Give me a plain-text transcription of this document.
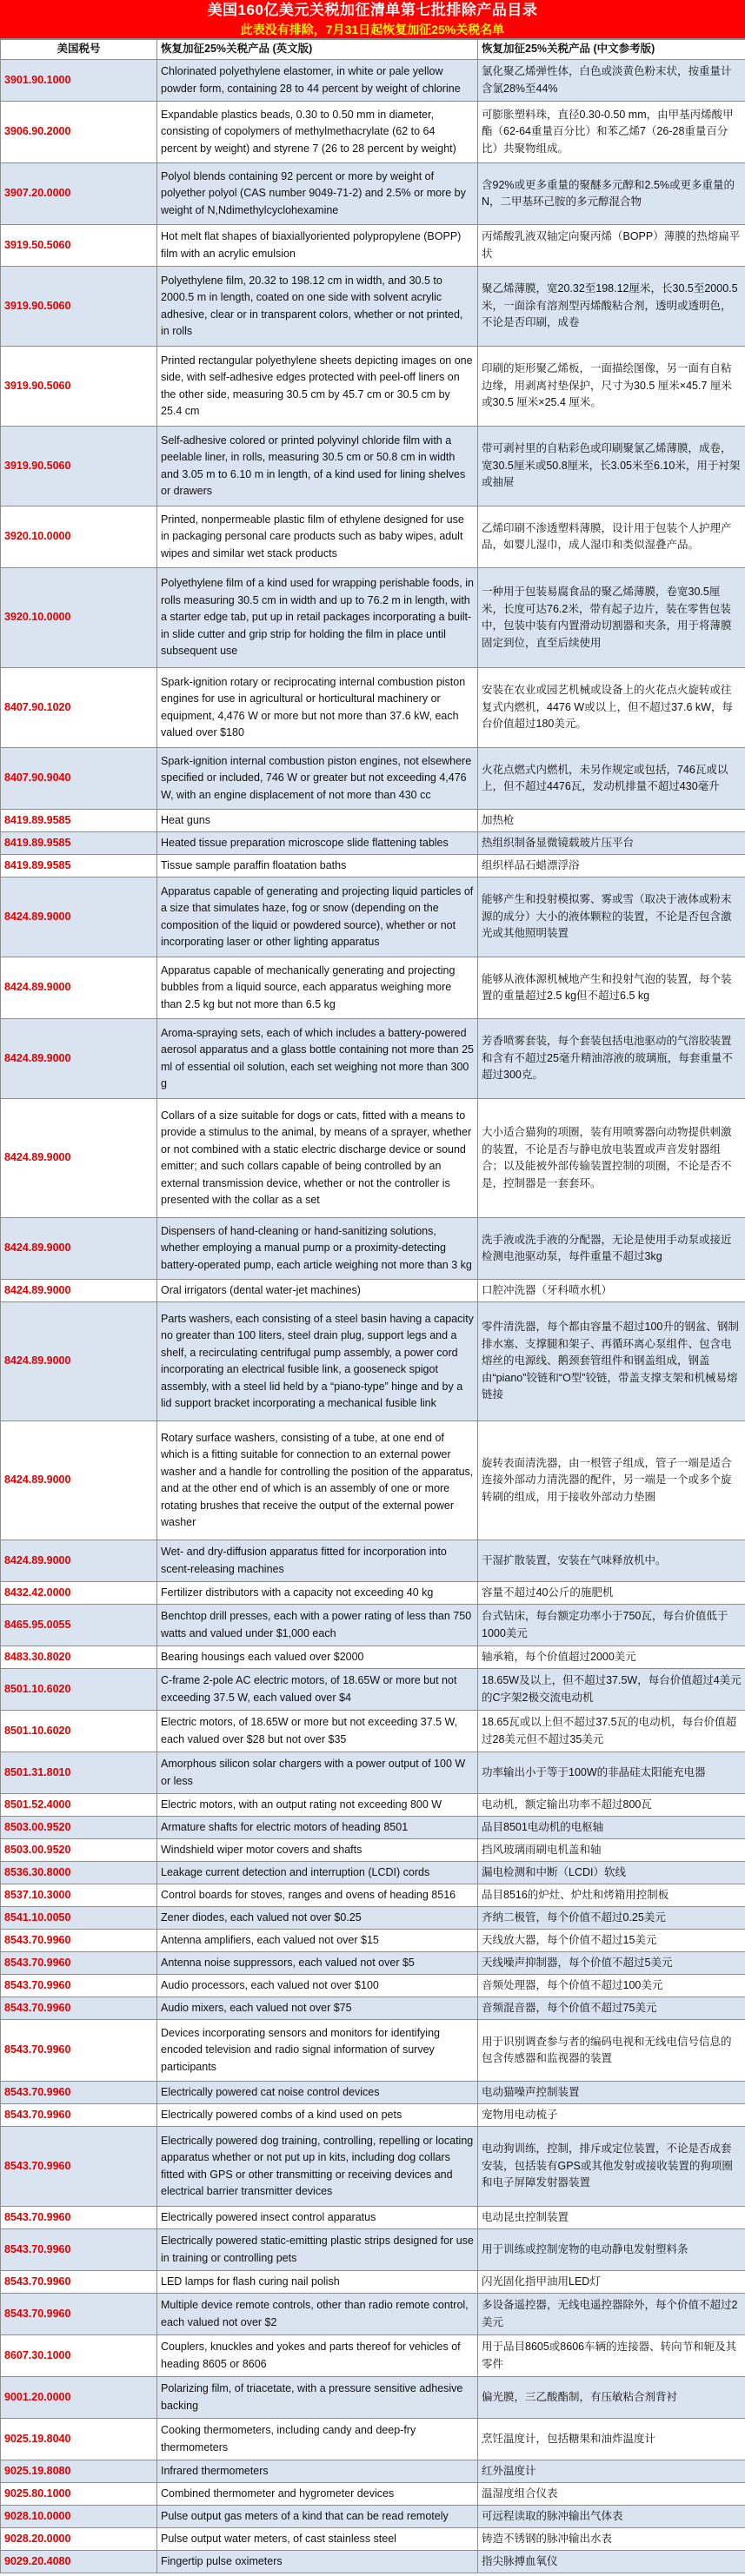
美国160亿美元关税加征清单第七批排除产品目录
此表没有排除，7月31日起恢复加征25%关税名单
美国税号	恢复加征25%关税产品 (英文版)	恢复加征25%关税产品 (中文参考版)
3901.90.1000	Chlorinated polyethylene elastomer, in white or pale yellow powder form, containing 28 to 44 percent by weight of chlorine	氯化聚乙烯弹性体，白色或淡黄色粉末状，按重量计含氯28%至44%
3906.90.2000	Expandable plastics beads, 0.30 to 0.50 mm in diameter, consisting of copolymers of methylmethacrylate (62 to 64 percent by weight) and styrene 7 (26 to 28 percent by weight)	可膨胀塑料珠，直径0.30-0.50 mm，由甲基丙烯酸甲酯（62-64重量百分比）和苯乙烯7（26-28重量百分比）共聚物组成。
3907.20.0000	Polyol blends containing 92 percent or more by weight of polyether polyol (CAS number 9049-71-2) and 2.5% or more by weight of N,Ndimethylcyclohexamine	含92%或更多重量的聚醚多元醇和2.5%或更多重量的N，二甲基环己胺的多元醇混合物
3919.50.5060	Hot melt flat shapes of biaxiallyoriented polypropylene (BOPP) film with an acrylic emulsion	丙烯酸乳液双轴定向聚丙烯（BOPP）薄膜的热熔扁平状
3919.90.5060	Polyethylene film, 20.32 to 198.12 cm in width, and 30.5 to 2000.5 m in length, coated on one side with solvent acrylic adhesive, clear or in transparent colors, whether or not printed, in rolls	聚乙烯薄膜，宽20.32至198.12厘米，长30.5至2000.5米，一面涂有溶剂型丙烯酸粘合剂，透明或透明色，不论是否印刷，成卷
3919.90.5060	Printed rectangular polyethylene sheets depicting images on one side, with self-adhesive edges protected with peel-off liners on the other side, measuring 30.5 cm by 45.7 cm or 30.5 cm by 25.4 cm	印刷的矩形聚乙烯板，一面描绘图像，另一面有自粘边缘，用剥离衬垫保护，尺寸为30.5 厘米×45.7 厘米或30.5 厘米×25.4 厘米。
3919.90.5060	Self-adhesive colored or printed polyvinyl chloride film with a peelable liner, in rolls, measuring 30.5 cm or 50.8 cm in width and 3.05 m to 6.10 m in length, of a kind used for lining shelves or drawers	带可剥衬里的自粘彩色或印刷聚氯乙烯薄膜，成卷，宽30.5厘米或50.8厘米，长3.05米至6.10米，用于衬架或抽屉
3920.10.0000	Printed, nonpermeable plastic film of ethylene designed for use in packaging personal care products such as baby wipes, adult wipes and similar wet stack products	乙烯印刷不渗透塑料薄膜，设计用于包装个人护理产品，如婴儿湿巾，成人湿巾和类似湿叠产品。
3920.10.0000	Polyethylene film of a kind used for wrapping perishable foods, in rolls measuring 30.5 cm in width and up to 76.2 m in length, with a starter edge tab, put up in retail packages incorporating a built-in slide cutter and grip strip for holding the film in place until subsequent use	一种用于包装易腐食品的聚乙烯薄膜，卷宽30.5厘米，长度可达76.2米，带有起子边片，装在零售包装中，包装中装有内置滑动切割器和夹条，用于将薄膜固定到位，直至后续使用
8407.90.1020	Spark-ignition rotary or reciprocating internal combustion piston engines for use in agricultural or horticultural machinery or equipment, 4,476 W or more but not more than 37.6 kW, each valued over $180	安装在农业或园艺机械或设备上的火花点火旋转或往复式内燃机，4476 W或以上，但不超过37.6 kW，每台价值超过180美元。
8407.90.9040	Spark-ignition internal combustion piston engines, not elsewhere specified or included, 746 W or greater but not exceeding 4,476 W, with an engine displacement of not more than 430 cc	火花点燃式内燃机，未另作规定或包括，746瓦或以上，但不超过4476瓦，发动机排量不超过430毫升
8419.89.9585	Heat guns	加热枪
8419.89.9585	Heated tissue preparation microscope slide flattening tables	热组织制备显微镜载玻片压平台
8419.89.9585	Tissue sample paraffin floatation baths	组织样品石蜡漂浮浴
8424.89.9000	Apparatus capable of generating and projecting liquid particles of a size that simulates haze, fog or snow (depending on the composition of the liquid or powdered source), whether or not incorporating laser or other lighting apparatus	能够产生和投射模拟雾、雾或雪（取决于液体或粉末源的成分）大小的液体颗粒的装置，不论是否包含激光或其他照明装置
8424.89.9000	Apparatus capable of mechanically generating and projecting bubbles from a liquid source, each apparatus weighing more than 2.5 kg but not more than 6.5 kg	能够从液体源机械地产生和投射气泡的装置，每个装置的重量超过2.5 kg但不超过6.5 kg
8424.89.9000	Aroma-spraying sets, each of which includes a battery-powered aerosol apparatus and a glass bottle containing not more than 25 ml of essential oil solution, each set weighing not more than 300 g	芳香喷雾套装，每个套装包括电池驱动的气溶胶装置和含有不超过25毫升精油溶液的玻璃瓶，每套重量不超过300克。
8424.89.9000	Collars of a size suitable for dogs or cats, fitted with a means to provide a stimulus to the animal, by means of a sprayer, whether or not combined with a static electric discharge device or sound emitter; and such collars capable of being controlled by an external transmission device, whether or not the controller is presented with the collar as a set	大小适合猫狗的项圈，装有用喷雾器向动物提供刺激的装置，不论是否与静电放电装置或声音发射器组合；以及能被外部传输装置控制的项圈，不论是否不是，控制器是一套套环。
8424.89.9000	Dispensers of hand-cleaning or hand-sanitizing solutions, whether employing a manual pump or a proximity-detecting battery-operated pump, each article weighing not more than 3 kg	洗手液或洗手液的分配器，无论是使用手动泵或接近检测电池驱动泵，每件重量不超过3kg
8424.89.9000	Oral irrigators (dental water-jet machines)	口腔冲洗器（牙科喷水机）
8424.89.9000	Parts washers, each consisting of a steel basin having a capacity no greater than 100 liters, steel drain plug, support legs and a shelf, a recirculating centrifugal pump assembly, a power cord incorporating an electrical fusible link, a gooseneck spigot assembly, with a steel lid held by a “piano-type” hinge and by a lid support bracket incorporating a mechanical fusible link	零件清洗器，每个都由容量不超过100升的钢盆、钢制排水塞、支撑腿和架子、再循环离心泵组件、包含电熔丝的电源线、鹅颈套管组件和钢盖组成，钢盖由“piano”铰链和“O型”铰链，带盖支撑支架和机械易熔链接
8424.89.9000	Rotary surface washers, consisting of a tube, at one end of which is a fitting suitable for connection to an external power washer and a handle for controlling the position of the apparatus, and at the other end of which is an assembly of one or more rotating brushes that receive the output of the external power washer	旋转表面清洗器，由一根管子组成，管子一端是适合连接外部动力清洗器的配件，另一端是一个或多个旋转刷的组成，用于接收外部动力垫圈
8424.89.9000	Wet- and dry-diffusion apparatus fitted for incorporation into scent-releasing machines	干湿扩散装置，安装在气味释放机中。
8432.42.0000	Fertilizer distributors with a capacity not exceeding 40 kg	容量不超过40公斤的施肥机
8465.95.0055	Benchtop drill presses, each with a power rating of less than 750 watts and valued under $1,000 each	台式钻床，每台额定功率小于750瓦，每台价值低于1000美元
8483.30.8020	Bearing housings each valued over $2000	轴承箱，每个价值超过2000美元
8501.10.6020	C-frame 2-pole AC electric motors, of 18.65W or more but not exceeding 37.5 W, each valued over $4	18.65W及以上，但不超过37.5W，每台价值超过4美元的C字架2极交流电动机
8501.10.6020	Electric motors, of 18.65W or more but not exceeding 37.5 W, each valued over $28 but not over $35	18.65瓦或以上但不超过37.5瓦的电动机，每台价值超过28美元但不超过35美元
8501.31.8010	Amorphous silicon solar chargers with a power output of 100 W or less	功率输出小于等于100W的非晶硅太阳能充电器
8501.52.4000	Electric motors, with an output rating not exceeding 800 W	电动机，额定输出功率不超过800瓦
8503.00.9520	Armature shafts for electric motors of heading 8501	品目8501电动机的电枢轴
8503.00.9520	Windshield wiper motor covers and shafts	挡风玻璃雨刷电机盖和轴
8536.30.8000	Leakage current detection and interruption (LCDI) cords	漏电检测和中断（LCDI）软线
8537.10.3000	Control boards for stoves, ranges and ovens of heading 8516	品目8516的炉灶、炉灶和烤箱用控制板
8541.10.0050	Zener diodes, each valued not over $0.25	齐纳二极管，每个价值不超过0.25美元
8543.70.9960	Antenna amplifiers, each valued not over $15	天线放大器，每个价值不超过15美元
8543.70.9960	Antenna noise suppressors, each valued not over $5	天线噪声抑制器，每个价值不超过5美元
8543.70.9960	Audio processors, each valued not over $100	音频处理器，每个价值不超过100美元
8543.70.9960	Audio mixers, each valued not over $75	音频混音器，每个价值不超过75美元
8543.70.9960	Devices incorporating sensors and monitors for identifying encoded television and radio signal information of survey participants	用于识别调查参与者的编码电视和无线电信号信息的包含传感器和监视器的装置
8543.70.9960	Electrically powered cat noise control devices	电动猫噪声控制装置
8543.70.9960	Electrically powered combs of a kind used on pets	宠物用电动梳子
8543.70.9960	Electrically powered dog training, controlling, repelling or locating apparatus whether or not put up in kits, including dog collars fitted with GPS or other transmitting or receiving devices and electrical barrier transmitter devices	电动狗训练，控制，排斥或定位装置，不论是否成套安装，包括装有GPS或其他发射或接收装置的狗项圈和电子屏障发射器装置
8543.70.9960	Electrically powered insect control apparatus	电动昆虫控制装置
8543.70.9960	Electrically powered static-emitting plastic strips designed for use in training or controlling pets	用于训练或控制宠物的电动静电发射塑料条
8543.70.9960	LED lamps for flash curing nail polish	闪光固化指甲油用LED灯
8543.70.9960	Multiple device remote controls, other than radio remote control, each valued not over $2	多设备遥控器，无线电遥控器除外，每个价值不超过2美元
8607.30.1000	Couplers, knuckles and yokes and parts thereof for vehicles of heading 8605 or 8606	用于品目8605或8606车辆的连接器、转向节和轭及其零件
9001.20.0000	Polarizing film, of triacetate, with a pressure sensitive adhesive backing	偏光膜，三乙酸酯制，有压敏粘合剂背衬
9025.19.8040	Cooking thermometers, including candy and deep-fry thermometers	烹饪温度计，包括糖果和油炸温度计
9025.19.8080	Infrared thermometers	红外温度计
9025.80.1000	Combined thermometer and hygrometer devices	温湿度组合仪表
9028.10.0000	Pulse output gas meters of a kind that can be read remotely	可远程读取的脉冲输出气体表
9028.20.0000	Pulse output water meters, of cast stainless steel	铸造不锈钢的脉冲输出水表
9029.20.4080	Fingertip pulse oximeters	指尖脉搏血氧仪
